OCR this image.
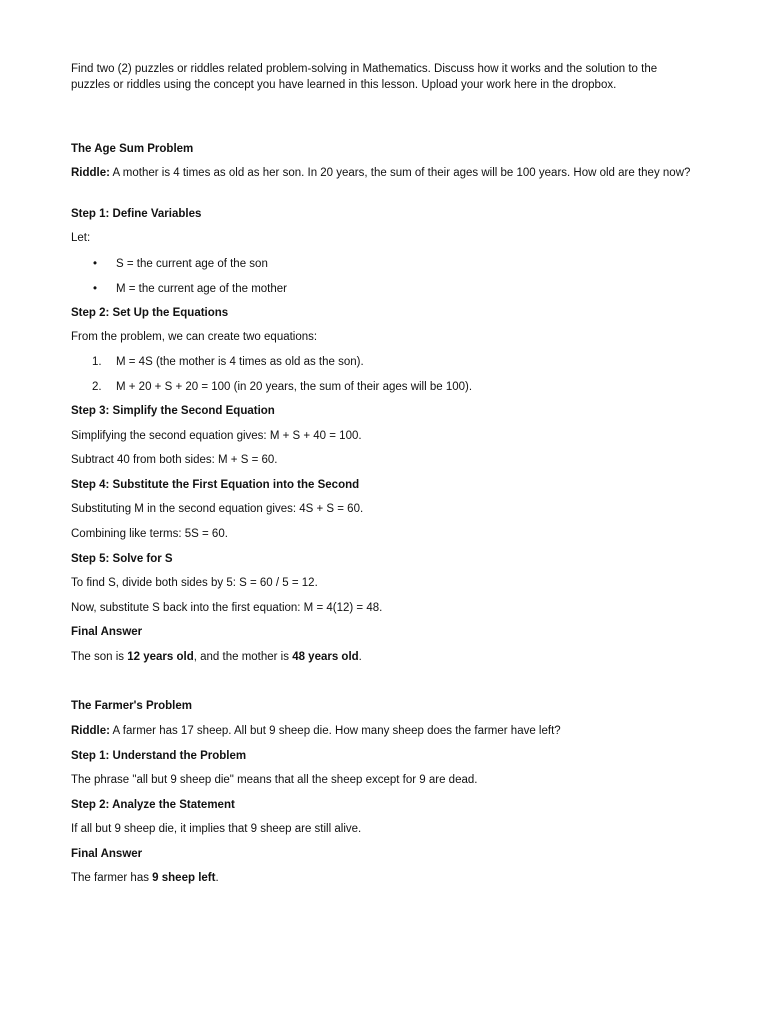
Find two (2) puzzles or riddles related problem-solving in Mathematics. Discuss how it works and the solution to the puzzles or riddles using the concept you have learned in this lesson. Upload your work here in the dropbox.

The Age Sum Problem

Riddle: A mother is 4 times as old as her son. In 20 years, the sum of their ages will be 100 years. How old are they now?

Step 1: Define Variables

Let:

• S = the current age of the son
• M = the current age of the mother

Step 2: Set Up the Equations

From the problem, we can create two equations:

1. M = 4S (the mother is 4 times as old as the son).
2. M + 20 + S + 20 = 100 (in 20 years, the sum of their ages will be 100).

Step 3: Simplify the Second Equation

Simplifying the second equation gives: M + S + 40 = 100.

Subtract 40 from both sides: M + S = 60.

Step 4: Substitute the First Equation into the Second

Substituting M in the second equation gives: 4S + S = 60.

Combining like terms: 5S = 60.

Step 5: Solve for S

To find S, divide both sides by 5: S = 60 / 5 = 12.

Now, substitute S back into the first equation: M = 4(12) = 48.

Final Answer

The son is 12 years old, and the mother is 48 years old.

The Farmer's Problem

Riddle: A farmer has 17 sheep. All but 9 sheep die. How many sheep does the farmer have left?

Step 1: Understand the Problem

The phrase "all but 9 sheep die" means that all the sheep except for 9 are dead.

Step 2: Analyze the Statement

If all but 9 sheep die, it implies that 9 sheep are still alive.

Final Answer

The farmer has 9 sheep left.
